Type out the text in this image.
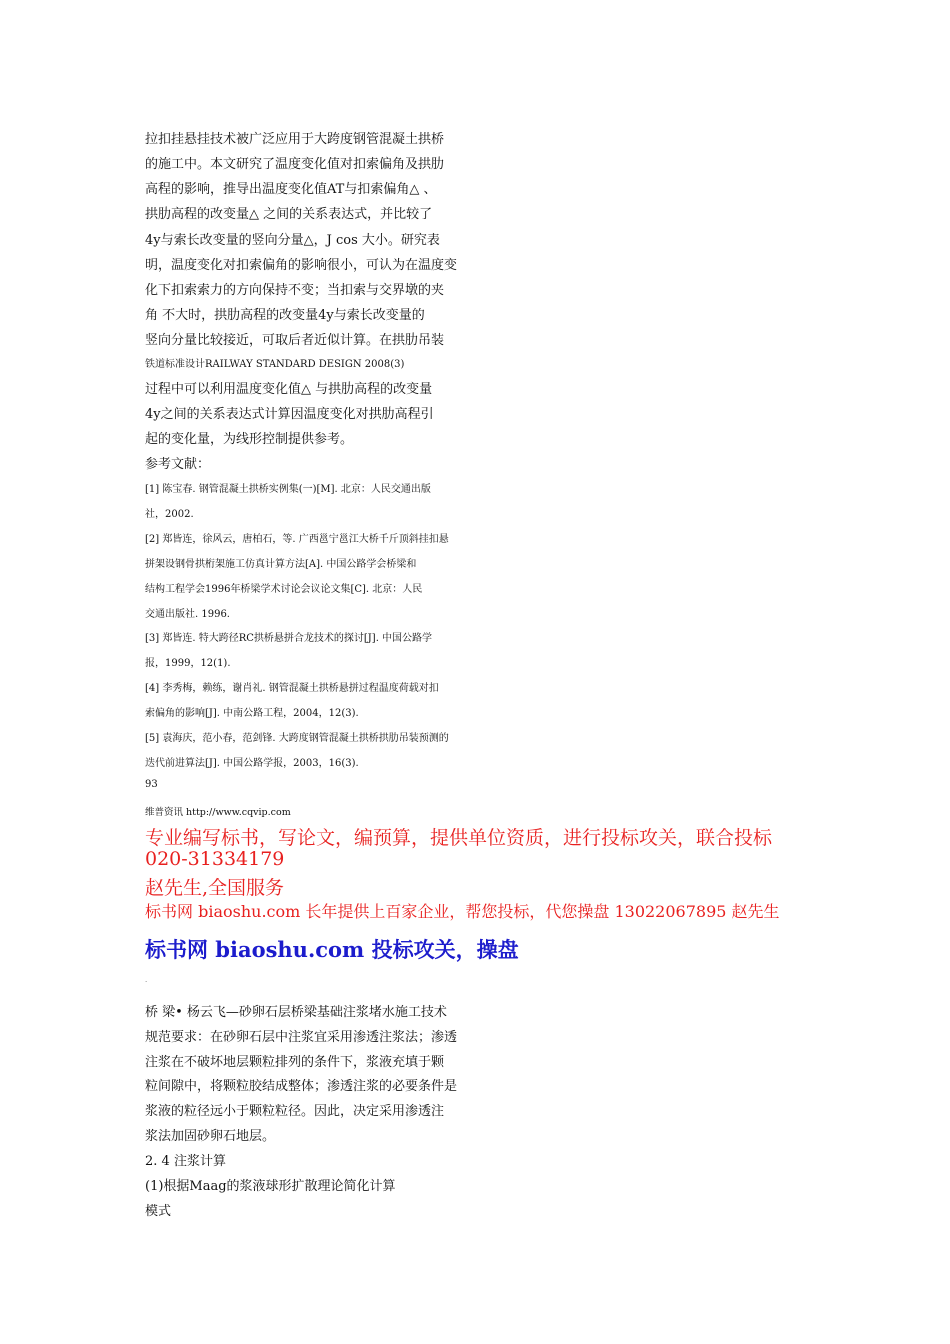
拉扣挂悬挂技术被广泛应用于大跨度钢管混凝土拱桥
的施工中。本文研究了温度变化值对扣索偏角及拱肋
高程的影响，推导出温度变化值AT与扣索偏角△ 、
拱肋高程的改变量△ 之间的关系表达式，并比较了
4y与索长改变量的竖向分量△，J cos 大小。研究表
明，温度变化对扣索偏角的影响很小，可认为在温度变
化下扣索索力的方向保持不变；当扣索与交界墩的夹
角 不大时，拱肋高程的改变量4y与索长改变量的
竖向分量比较接近，可取后者近似计算。在拱肋吊装
铁道标准设计RAILWAY STANDARD DESIGN 2008(3)
过程中可以利用温度变化值△ 与拱肋高程的改变量
4y之间的关系表达式计算因温度变化对拱肋高程引
起的变化量，为线形控制提供参考。
参考文献：
[1] 陈宝春. 钢管混凝土拱桥实例集(一)[M]. 北京：人民交通出版
社，2002.
[2] 郑皆连，徐风云，唐柏石，等. 广西邕宁邕江大桥千斤顶斜挂扣悬
拼架设钢骨拱桁架施工仿真计算方法[A]. 中国公路学会桥梁和
结构工程学会1996年桥梁学术讨论会议论文集[C]. 北京：人民
交通出版社. 1996.
[3] 郑皆连. 特大跨径RC拱桥悬拼合龙技术的探讨[J]. 中国公路学
报，1999，12(1).
[4] 李秀梅，赖练，谢肖礼. 钢管混凝土拱桥悬拼过程温度荷载对扣
索偏角的影响[J]. 中南公路工程，2004，12(3).
[5] 袁海庆，范小春，范剑锋. 大跨度钢管混凝土拱桥拱肋吊装预测的
迭代前进算法[J]. 中国公路学报，2003，16(3).
93
维普资讯 http://www.cqvip.com
专业编写标书，写论文，编预算，提供单位资质，进行投标攻关，联合投标
020-31334179
赵先生,全国服务
标书网 biaoshu.com 长年提供上百家企业，帮您投标，代您操盘 13022067895 赵先生
标书网 biaoshu.com 投标攻关，操盘
.
桥 梁• 杨云飞—砂卵石层桥梁基础注浆堵水施工技术
规范要求：在砂卵石层中注浆宜采用渗透注浆法；渗透
注浆在不破坏地层颗粒排列的条件下，浆液充填于颗
粒间隙中，将颗粒胶结成整体；渗透注浆的必要条件是
浆液的粒径远小于颗粒粒径。因此，决定采用渗透注
浆法加固砂卵石地层。
2. 4 注浆计算
(1)根据Maag的浆液球形扩散理论简化计算
模式
